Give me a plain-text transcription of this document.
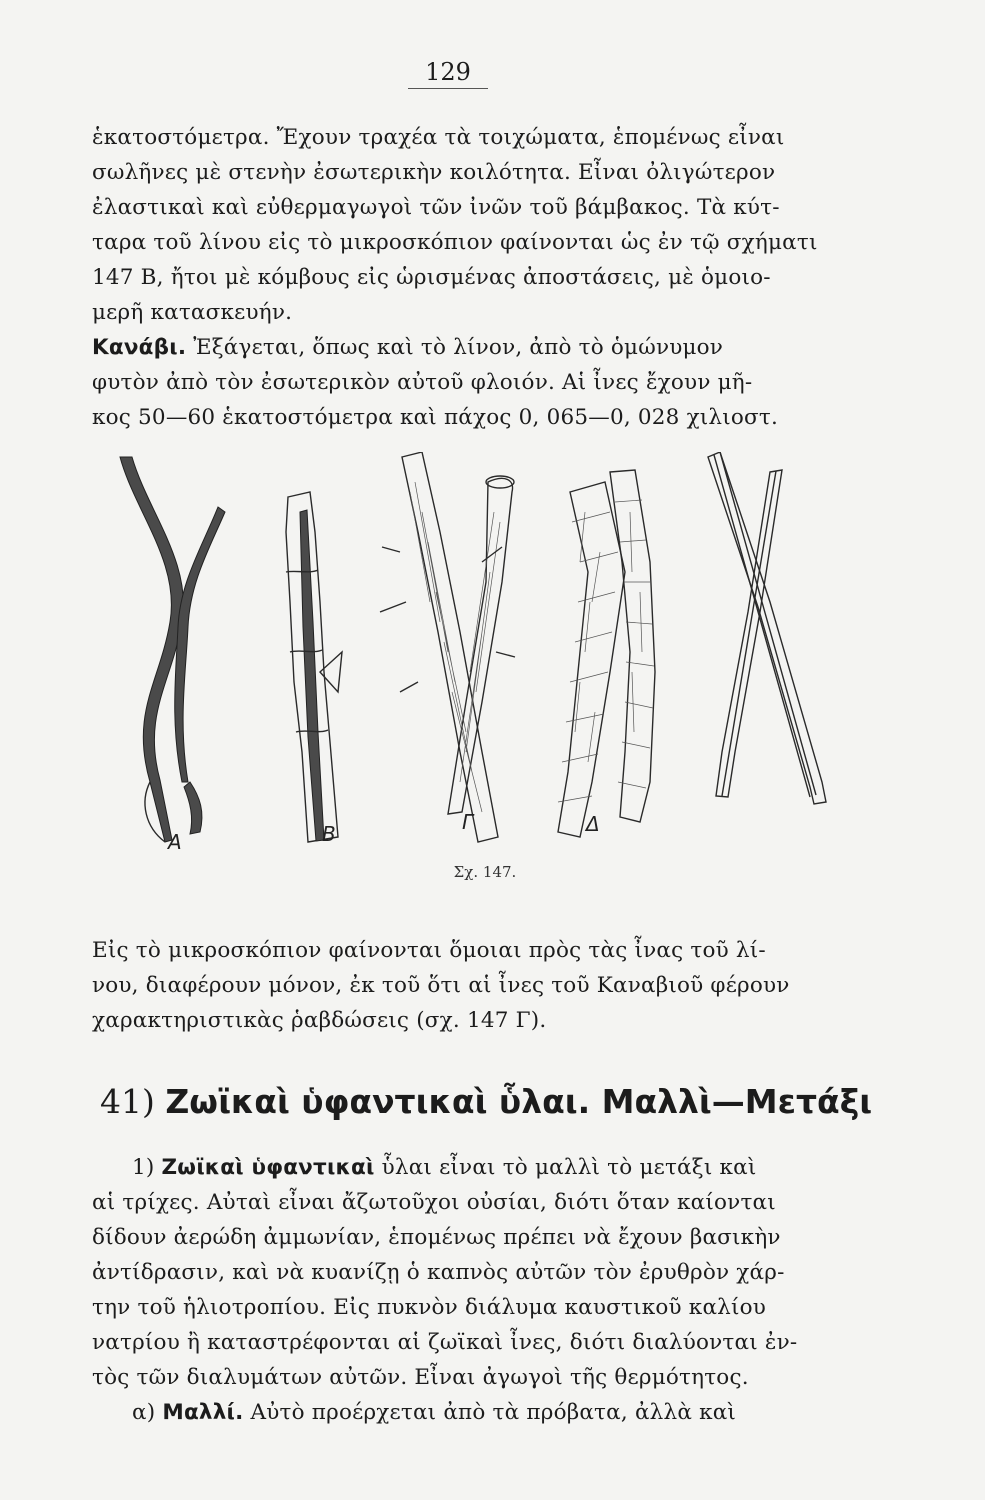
129

ἑκατοστόμετρα. Ἔχουν τραχέα τὰ τοιχώματα, ἑπομένως εἶναι

σωλῆνες μὲ στενὴν ἐσωτερικὴν κοιλότητα. Εἶναι ὀλιγώτερον

ἐλαστικαὶ καὶ εὐθερμαγωγοὶ τῶν ἰνῶν τοῦ βάμβακος. Τὰ κύτ-

ταρα τοῦ λίνου εἰς τὸ μικροσκόπιον φαίνονται ὡς ἐν τῷ σχήματι

147 Β, ἤτοι μὲ κόμβους εἰς ὡρισμένας ἀποστάσεις, μὲ ὁμοιο-

μερῆ κατασκευήν.

Κανάβι. Ἐξάγεται, ὅπως καὶ τὸ λίνον, ἀπὸ τὸ ὁμώνυμον

φυτὸν ἀπὸ τὸν ἐσωτερικὸν αὐτοῦ φλοιόν. Αἱ ἶνες ἔχουν μῆ-

κος 50—60 ἑκατοστόμετρα καὶ πάχος 0, 065—0, 028 χιλιοστ.

Α	Β	Γ	Δ
Σχ. 147.

Εἰς τὸ μικροσκόπιον φαίνονται ὅμοιαι πρὸς τὰς ἶνας τοῦ λί-

νου, διαφέρουν μόνον, ἐκ τοῦ ὅτι αἱ ἶνες τοῦ Καναβιοῦ φέρουν

χαρακτηριστικὰς ῥαβδώσεις (σχ. 147 Γ).

41) Ζωϊκαὶ ὑφαντικαὶ ὗλαι. Μαλλὶ—Μετάξι

1) Ζωϊκαὶ ὑφαντικαὶ ὗλαι εἶναι τὸ μαλλὶ τὸ μετάξι καὶ

αἱ τρίχες. Αὐταὶ εἶναι ἄζωτοῦχοι οὐσίαι, διότι ὅταν καίονται

δίδουν ἀερώδη ἀμμωνίαν, ἑπομένως πρέπει νὰ ἔχουν βασικὴν

ἀντίδρασιν, καὶ νὰ κυανίζῃ ὁ καπνὸς αὐτῶν τὸν ἐρυθρὸν χάρ-

την τοῦ ἡλιοτροπίου. Εἰς πυκνὸν διάλυμα καυστικοῦ καλίου

νατρίου ἢ καταστρέφονται αἱ ζωϊκαὶ ἶνες, διότι διαλύονται ἐν-

τὸς τῶν διαλυμάτων αὐτῶν. Εἶναι ἀγωγοὶ τῆς θερμότητος.

α) Μαλλί. Αὐτὸ προέρχεται ἀπὸ τὰ πρόβατα, ἀλλὰ καὶ
